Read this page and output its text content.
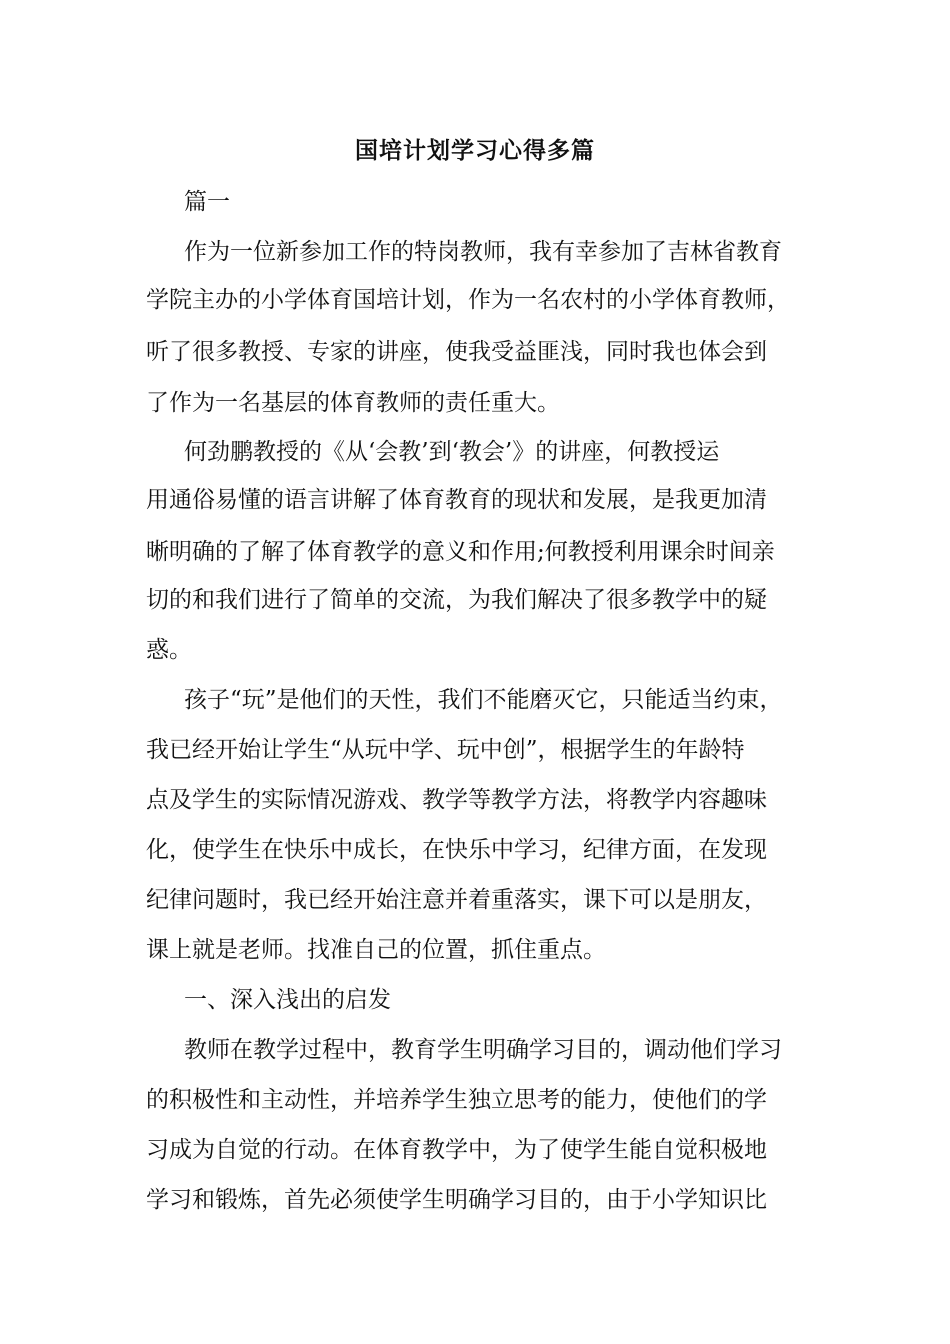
国培计划学习心得多篇
篇一
作为一位新参加工作的特岗教师，我有幸参加了吉林省教育
学院主办的小学体育国培计划，作为一名农村的小学体育教师，
听了很多教授、专家的讲座，使我受益匪浅，同时我也体会到
了作为一名基层的体育教师的责任重大。
何劲鹏教授的《从‘会教’到‘教会’》的讲座，何教授运
用通俗易懂的语言讲解了体育教育的现状和发展，是我更加清
晰明确的了解了体育教学的意义和作用;何教授利用课余时间亲
切的和我们进行了简单的交流，为我们解决了很多教学中的疑
惑。
孩子“玩”是他们的天性，我们不能磨灭它，只能适当约束，
我已经开始让学生“从玩中学、玩中创”，根据学生的年龄特
点及学生的实际情况游戏、教学等教学方法，将教学内容趣味
化，使学生在快乐中成长，在快乐中学习，纪律方面，在发现
纪律问题时，我已经开始注意并着重落实，课下可以是朋友，
课上就是老师。找准自己的位置，抓住重点。
一、深入浅出的启发
教师在教学过程中，教育学生明确学习目的，调动他们学习
的积极性和主动性，并培养学生独立思考的能力，使他们的学
习成为自觉的行动。在体育教学中，为了使学生能自觉积极地
学习和锻炼，首先必须使学生明确学习目的，由于小学知识比
